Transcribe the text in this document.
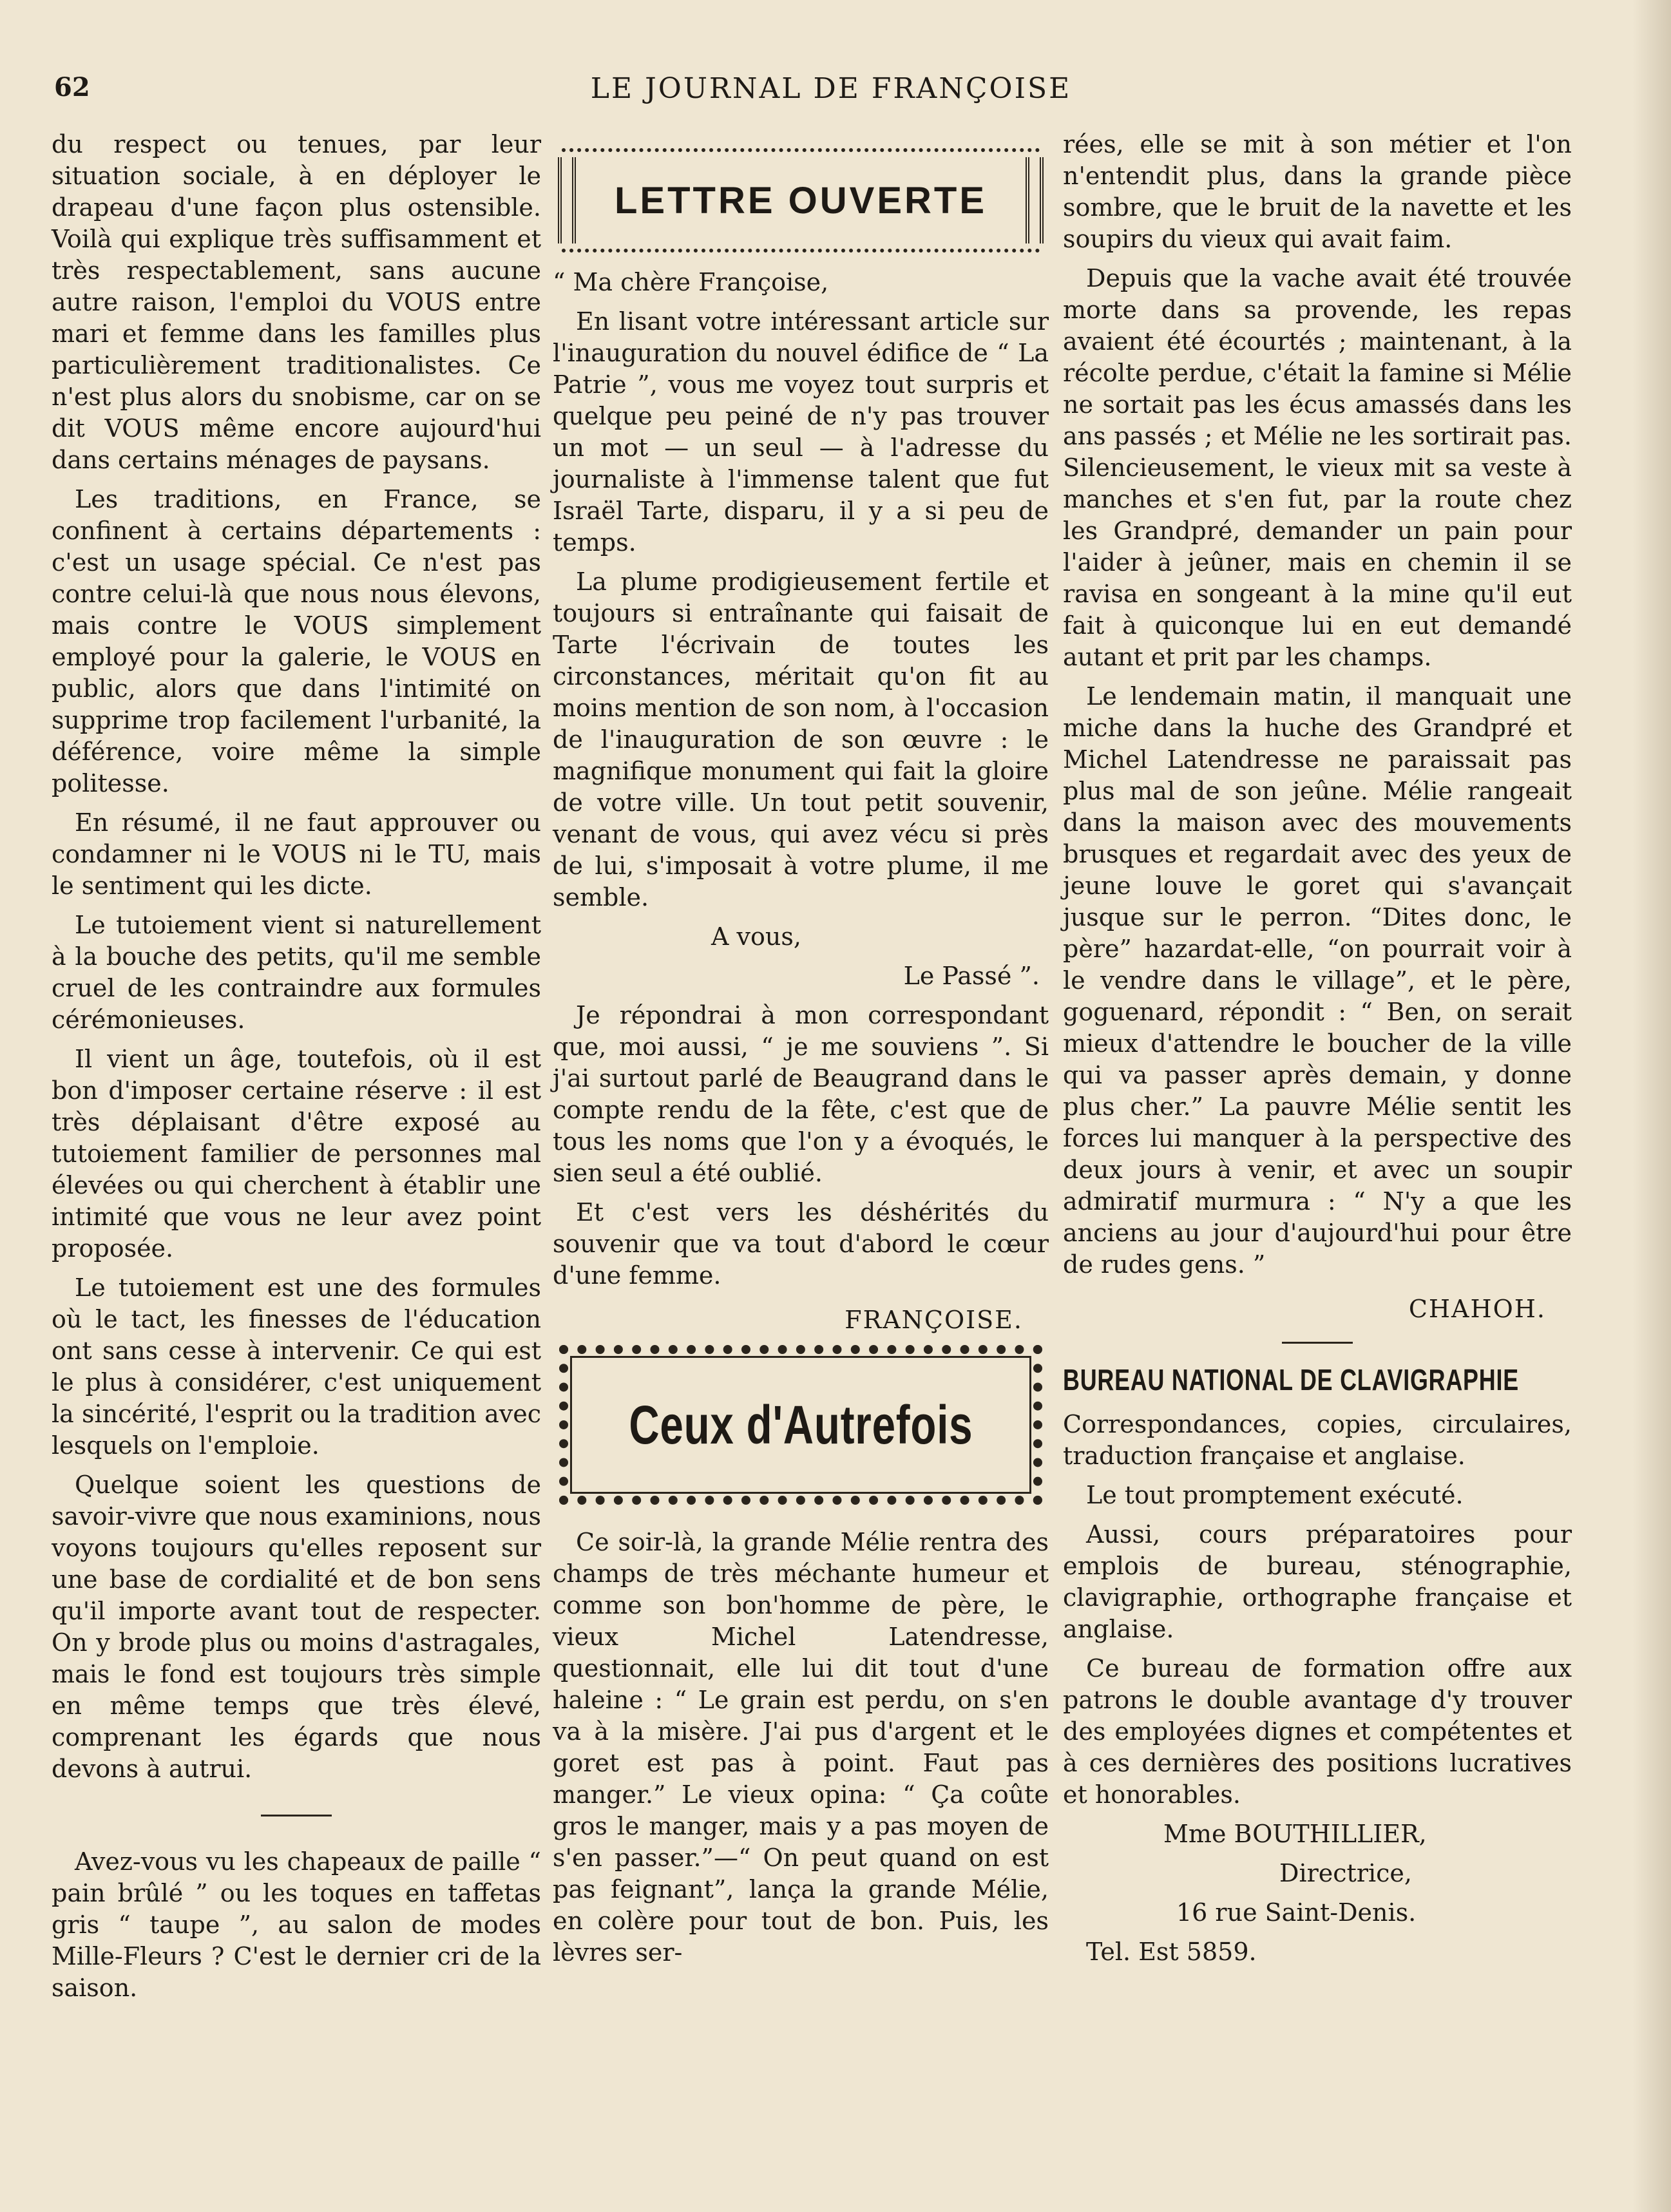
62	LE JOURNAL DE FRANÇOISE

du respect ou tenues, par leur situation sociale, à en déployer le drapeau d'une façon plus ostensible. Voilà qui explique très suffisamment et très respectablement, sans aucune autre raison, l'emploi du VOUS entre mari et femme dans les familles plus particulièrement traditionalistes. Ce n'est plus alors du snobisme, car on se dit VOUS même encore aujourd'hui dans certains ménages de paysans.

Les traditions, en France, se confinent à certains départements : c'est un usage spécial. Ce n'est pas contre celui-là que nous nous élevons, mais contre le VOUS simplement employé pour la galerie, le VOUS en public, alors que dans l'intimité on supprime trop facilement l'urbanité, la déférence, voire même la simple politesse.

En résumé, il ne faut approuver ou condamner ni le VOUS ni le TU, mais le sentiment qui les dicte.

Le tutoiement vient si naturellement à la bouche des petits, qu'il me semble cruel de les contraindre aux formules cérémonieuses.

Il vient un âge, toutefois, où il est bon d'imposer certaine réserve : il est très déplaisant d'être exposé au tutoiement familier de personnes mal élevées ou qui cherchent à établir une intimité que vous ne leur avez point proposée.

Le tutoiement est une des formules où le tact, les finesses de l'éducation ont sans cesse à intervenir. Ce qui est le plus à considérer, c'est uniquement la sincérité, l'esprit ou la tradition avec lesquels on l'emploie.

Quelque soient les questions de savoir-vivre que nous examinions, nous voyons toujours qu'elles reposent sur une base de cordialité et de bon sens qu'il importe avant tout de respecter. On y brode plus ou moins d'astragales, mais le fond est toujours très simple en même temps que très élevé, comprenant les égards que nous devons à autrui.

Avez-vous vu les chapeaux de paille “ pain brûlé ” ou les toques en taffetas gris “ taupe ”, au salon de modes Mille-Fleurs ? C'est le dernier cri de la saison.

LETTRE OUVERTE

“ Ma chère Françoise,

En lisant votre intéressant article sur l'inauguration du nouvel édifice de “ La Patrie ”, vous me voyez tout surpris et quelque peu peiné de n'y pas trouver un mot — un seul — à l'adresse du journaliste à l'immense talent que fut Israël Tarte, disparu, il y a si peu de temps.

La plume prodigieusement fertile et toujours si entraînante qui faisait de Tarte l'écrivain de toutes les circonstances, méritait qu'on fit au moins mention de son nom, à l'occasion de l'inauguration de son œuvre : le magnifique monument qui fait la gloire de votre ville. Un tout petit souvenir, venant de vous, qui avez vécu si près de lui, s'imposait à votre plume, il me semble.

A vous,

Le Passé ”.

Je répondrai à mon correspondant que, moi aussi, “ je me souviens ”. Si j'ai surtout parlé de Beaugrand dans le compte rendu de la fête, c'est que de tous les noms que l'on y a évoqués, le sien seul a été oublié.

Et c'est vers les déshérités du souvenir que va tout d'abord le cœur d'une femme.

FRANÇOISE.
Ceux d'Autrefois

Ce soir-là, la grande Mélie rentra des champs de très méchante humeur et comme son bon'homme de père, le vieux Michel Latendresse, questionnait, elle lui dit tout d'une haleine : “ Le grain est perdu, on s'en va à la misère. J'ai pus d'argent et le goret est pas à point. Faut pas manger.” Le vieux opina: “ Ça coûte gros le manger, mais y a pas moyen de s'en passer.”—“ On peut quand on est pas feignant”, lança la grande Mélie, en colère pour tout de bon. Puis, les lèvres ser-

rées, elle se mit à son métier et l'on n'entendit plus, dans la grande pièce sombre, que le bruit de la navette et les soupirs du vieux qui avait faim.

Depuis que la vache avait été trouvée morte dans sa provende, les repas avaient été écourtés ; maintenant, à la récolte perdue, c'était la famine si Mélie ne sortait pas les écus amassés dans les ans passés ; et Mélie ne les sortirait pas. Silencieusement, le vieux mit sa veste à manches et s'en fut, par la route chez les Grandpré, demander un pain pour l'aider à jeûner, mais en chemin il se ravisa en songeant à la mine qu'il eut fait à quiconque lui en eut demandé autant et prit par les champs.

Le lendemain matin, il manquait une miche dans la huche des Grandpré et Michel Latendresse ne paraissait pas plus mal de son jeûne. Mélie rangeait dans la maison avec des mouvements brusques et regardait avec des yeux de jeune louve le goret qui s'avançait jusque sur le perron. “Dites donc, le père” hazardat-elle, “on pourrait voir à le vendre dans le village”, et le père, goguenard, répondit : “ Ben, on serait mieux d'attendre le boucher de la ville qui va passer après demain, y donne plus cher.” La pauvre Mélie sentit les forces lui manquer à la perspective des deux jours à venir, et avec un soupir admiratif murmura : “ N'y a que les anciens au jour d'aujourd'hui pour être de rudes gens. ”

CHAHOH.
BUREAU NATIONAL DE CLAVIGRAPHIE

Correspondances, copies, circulaires, traduction française et anglaise.

Le tout promptement exécuté.

Aussi, cours préparatoires pour emplois de bureau, sténographie, clavigraphie, orthographe française et anglaise.

Ce bureau de formation offre aux patrons le double avantage d'y trouver des employées dignes et compétentes et à ces dernières des positions lucratives et honorables.

Mme BOUTHILLIER,

Directrice,

16 rue Saint-Denis.

Tel. Est 5859.
